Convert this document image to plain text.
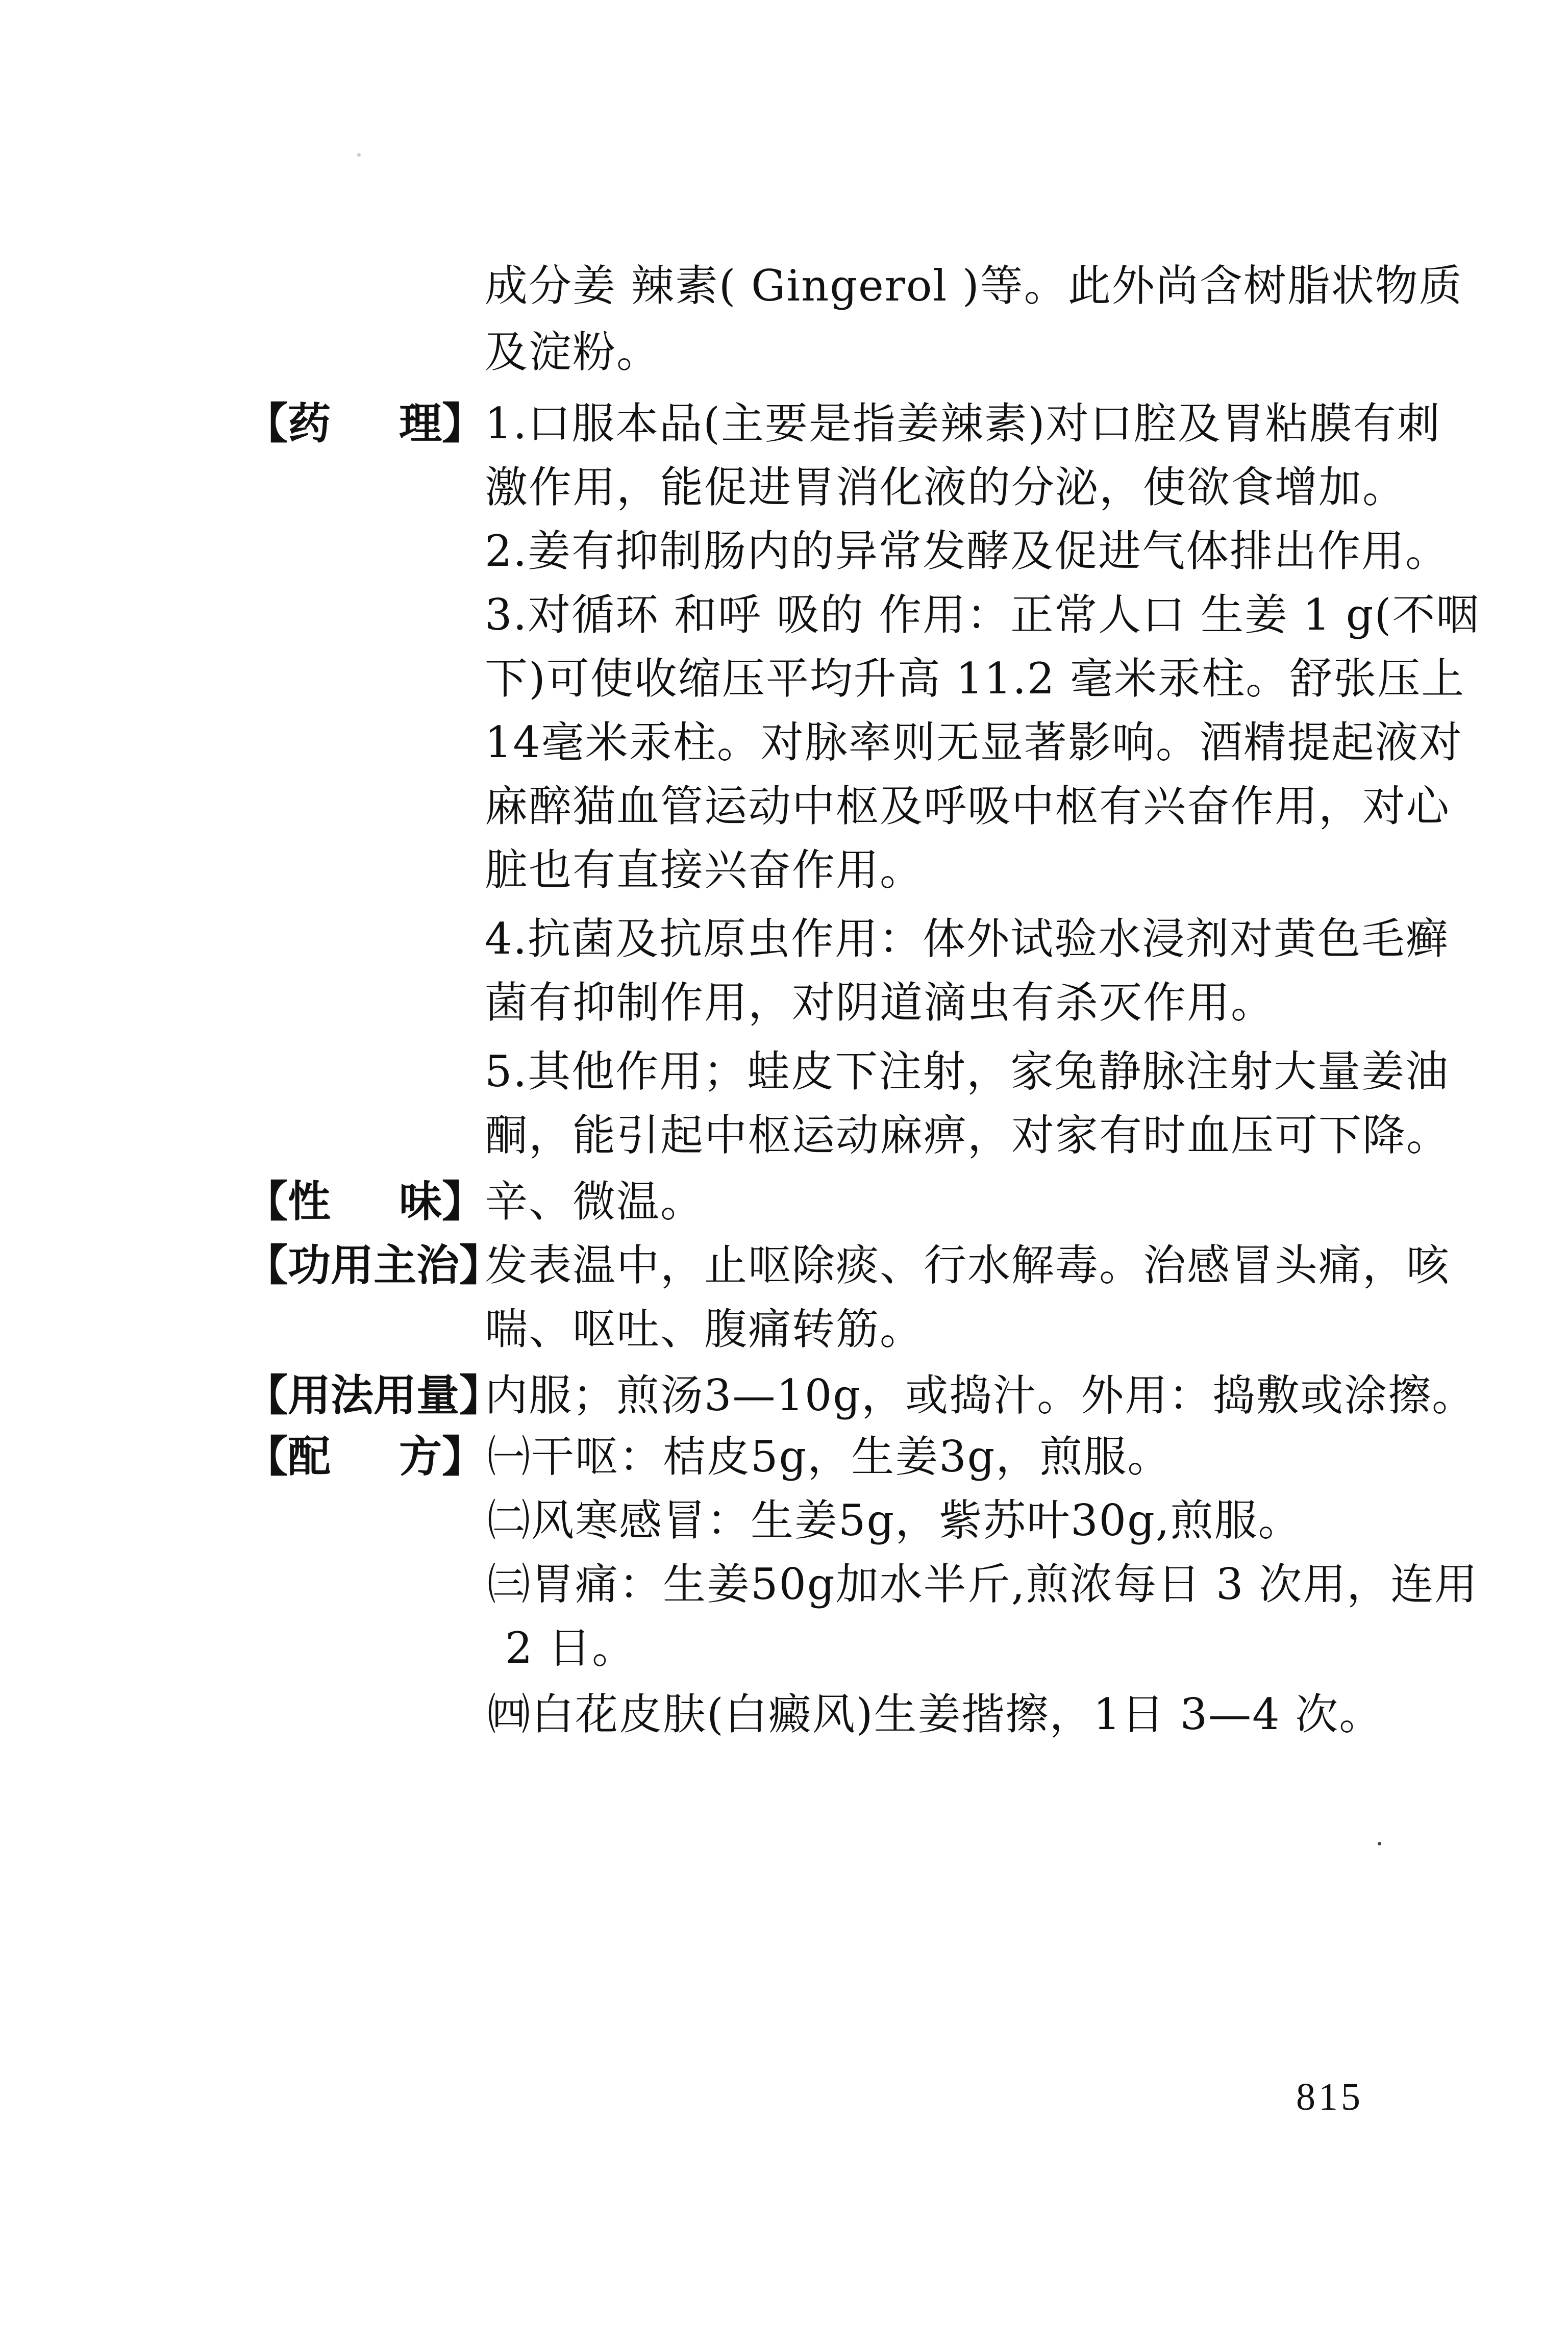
成分姜 辣素( Gingerol )等。此外尚含树脂状物质
及淀粉。
【药 理】 1.口服本品(主要是指姜辣素)对口腔及胃粘膜有刺
激作用，能促进胃消化液的分泌，使欲食增加。
2.姜有抑制肠内的异常发酵及促进气体排出作用。
3.对循环 和呼 吸的 作用：正常人口 生姜 1 g(不咽
下)可使收缩压平均升高 11.2 毫米汞柱。舒张压上
14毫米汞柱。对脉率则无显著影响。酒精提起液对
麻醉猫血管运动中枢及呼吸中枢有兴奋作用，对心
脏也有直接兴奋作用。
4.抗菌及抗原虫作用：体外试验水浸剂对黄色毛癣
菌有抑制作用，对阴道滴虫有杀灭作用。
5.其他作用；蛙皮下注射，家兔静脉注射大量姜油
酮，能引起中枢运动麻痹，对家有时血压可下降。
【性 味】 辛、微温。
【功用主治】
发表温中，止呕除痰、行水解毒。治感冒头痛，咳
喘、呕吐、腹痛转筋。
【用法用量】
内服；煎汤3—10g，或捣汁。外用：捣敷或涂擦。
【配 方】 ㈠干呕：桔皮5g，生姜3g，煎服。
㈡风寒感冒：生姜5g，紫苏叶30g,煎服。
㈢胃痛：生姜50g加水半斤,煎浓每日 3 次用，连用
2 日。
㈣白花皮肤(白癜风)生姜揩擦，1日 3—4 次。
815
